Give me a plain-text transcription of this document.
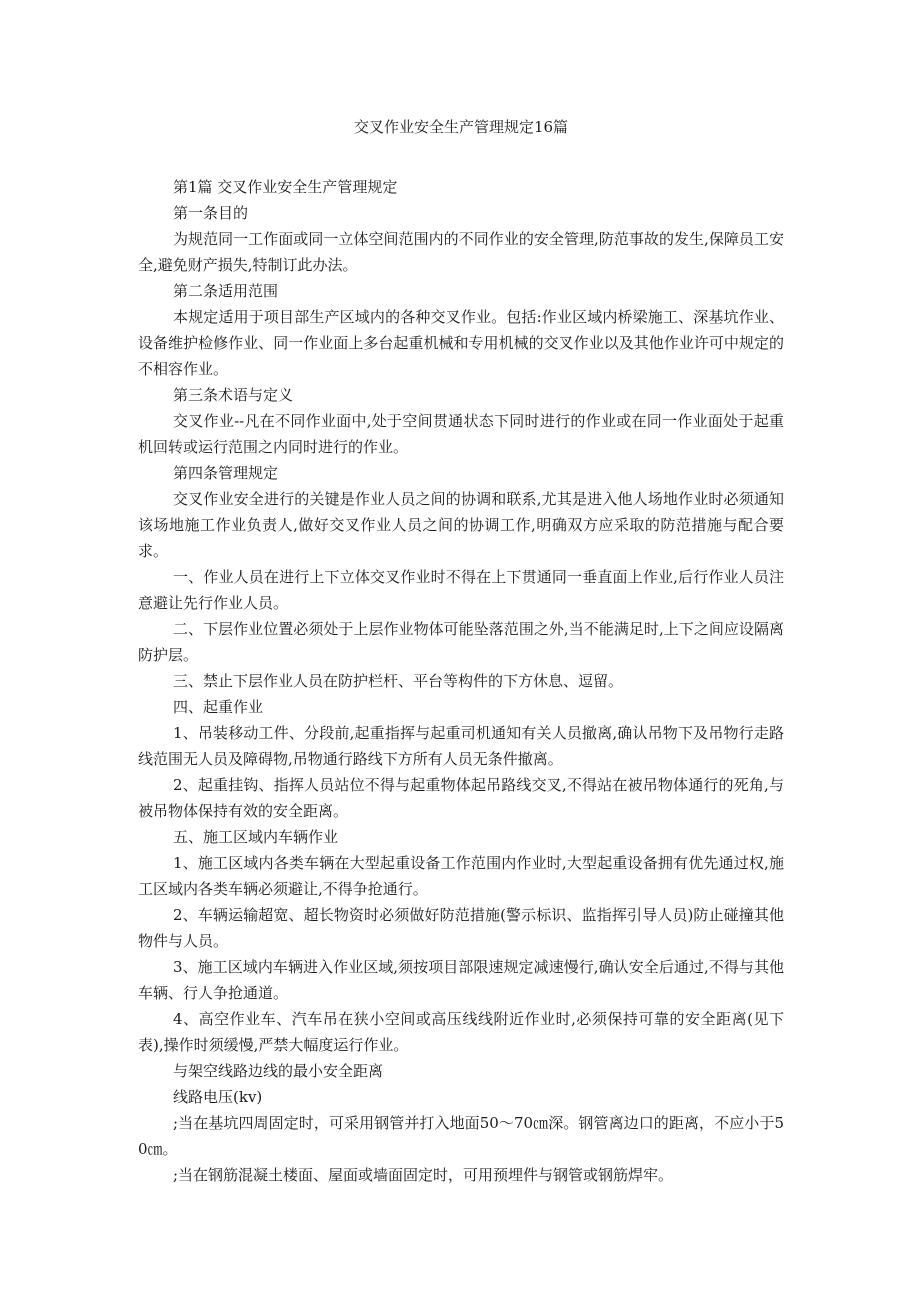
交叉作业安全生产管理规定16篇

第1篇 交叉作业安全生产管理规定

第一条目的

为规范同一工作面或同一立体空间范围内的不同作业的安全管理,防范事故的发生,保障员工安全,避免财产损失,特制订此办法。

第二条适用范围

本规定适用于项目部生产区域内的各种交叉作业。包括:作业区域内桥梁施工、深基坑作业、设备维护检修作业、同一作业面上多台起重机械和专用机械的交叉作业以及其他作业许可中规定的不相容作业。

第三条术语与定义

交叉作业--凡在不同作业面中,处于空间贯通状态下同时进行的作业或在同一作业面处于起重机回转或运行范围之内同时进行的作业。

第四条管理规定

交叉作业安全进行的关键是作业人员之间的协调和联系,尤其是进入他人场地作业时必须通知该场地施工作业负责人,做好交叉作业人员之间的协调工作,明确双方应采取的防范措施与配合要求。

一、作业人员在进行上下立体交叉作业时不得在上下贯通同一垂直面上作业,后行作业人员注意避让先行作业人员。

二、下层作业位置必须处于上层作业物体可能坠落范围之外,当不能满足时,上下之间应设隔离防护层。

三、禁止下层作业人员在防护栏杆、平台等构件的下方休息、逗留。

四、起重作业

1、吊装移动工件、分段前,起重指挥与起重司机通知有关人员撤离,确认吊物下及吊物行走路线范围无人员及障碍物,吊物通行路线下方所有人员无条件撤离。

2、起重挂钩、指挥人员站位不得与起重物体起吊路线交叉,不得站在被吊物体通行的死角,与被吊物体保持有效的安全距离。

五、施工区域内车辆作业

1、施工区域内各类车辆在大型起重设备工作范围内作业时,大型起重设备拥有优先通过权,施工区域内各类车辆必须避让,不得争抢通行。

2、车辆运输超宽、超长物资时必须做好防范措施(警示标识、监指挥引导人员)防止碰撞其他物件与人员。

3、施工区域内车辆进入作业区域,须按项目部限速规定减速慢行,确认安全后通过,不得与其他车辆、行人争抢通道。

4、高空作业车、汽车吊在狭小空间或高压线线附近作业时,必须保持可靠的安全距离(见下表),操作时须缓慢,严禁大幅度运行作业。

与架空线路边线的最小安全距离

线路电压(kv)

;当在基坑四周固定时，可采用钢管并打入地面50～70㎝深。钢管离边口的距离，不应小于50㎝。

;当在钢筋混凝土楼面、屋面或墙面固定时，可用预埋件与钢管或钢筋焊牢。
